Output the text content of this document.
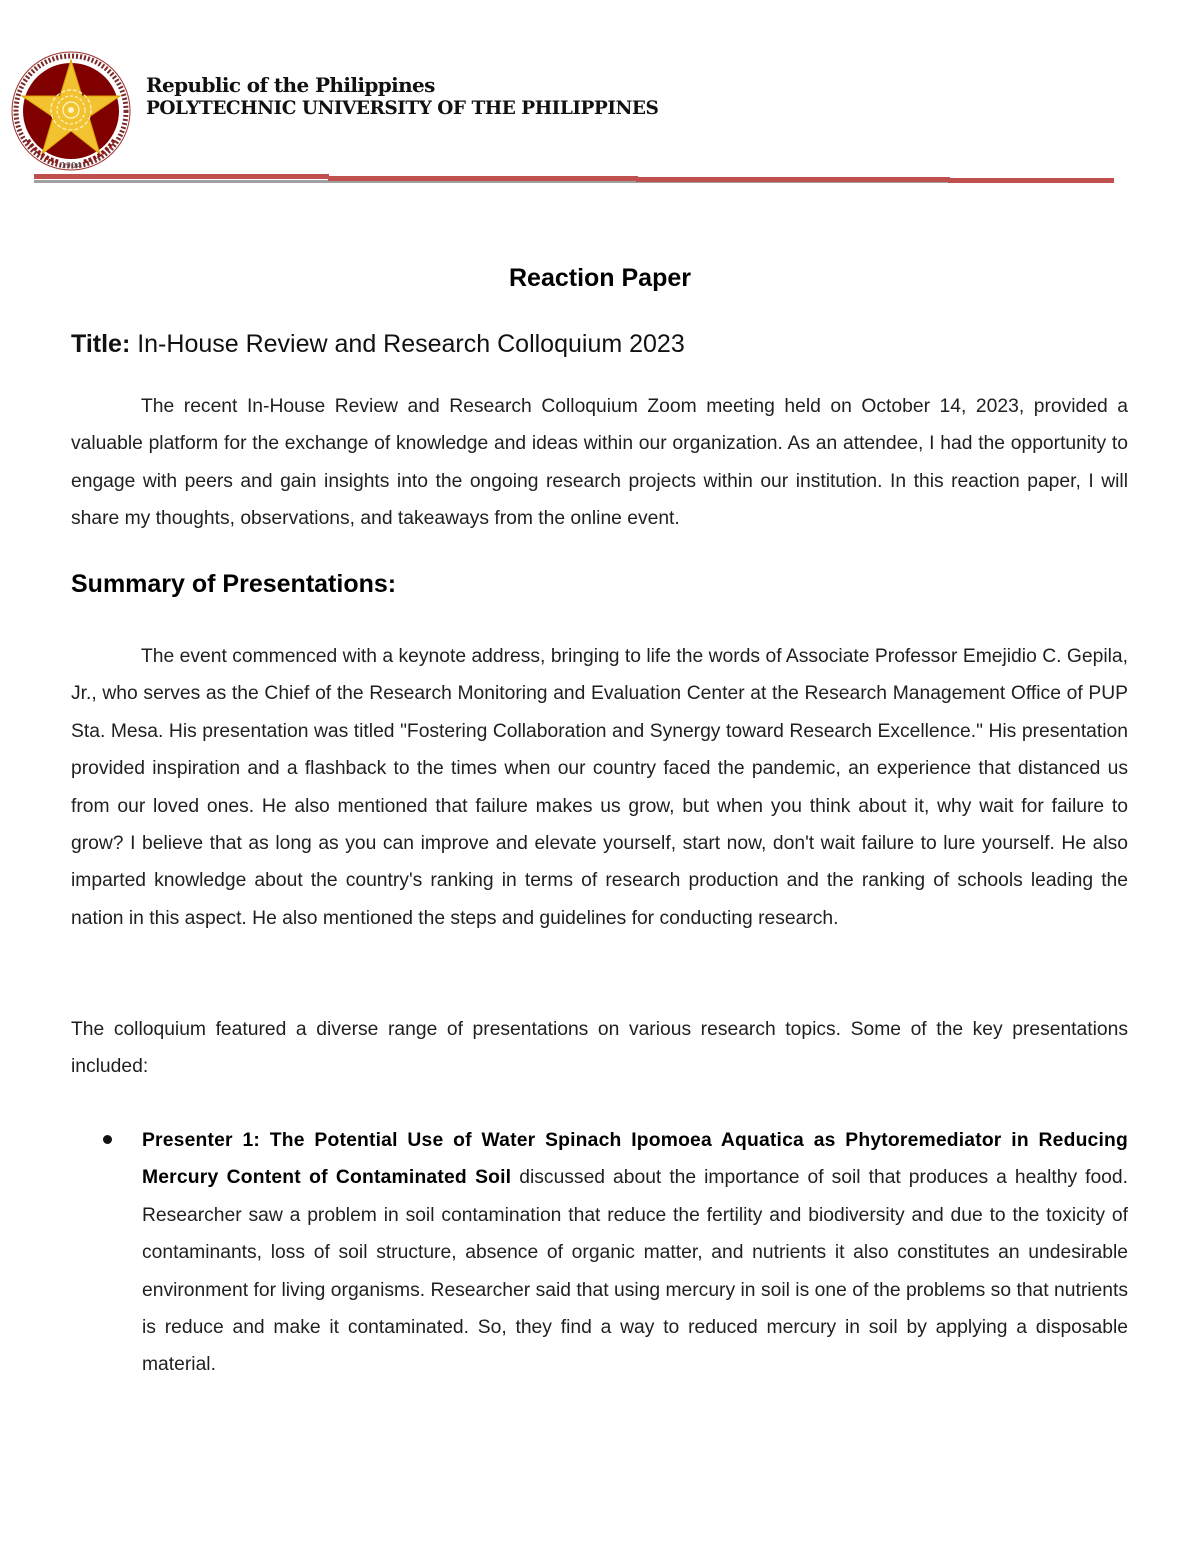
1904
Republic of the Philippines
POLYTECHNIC UNIVERSITY OF THE PHILIPPINES
Reaction Paper
Title: In-House Review and Research Colloquium 2023

The recent In-House Review and Research Colloquium Zoom meeting held on October 14, 2023, provided a valuable platform for the exchange of knowledge and ideas within our organization. As an attendee, I had the opportunity to engage with peers and gain insights into the ongoing research projects within our institution. In this reaction paper, I will share my thoughts, observations, and takeaways from the online event.

Summary of Presentations:

The event commenced with a keynote address, bringing to life the words of Associate Professor Emejidio C. Gepila, Jr., who serves as the Chief of the Research Monitoring and Evaluation Center at the Research Management Office of PUP Sta. Mesa. His presentation was titled "Fostering Collaboration and Synergy toward Research Excellence." His presentation provided inspiration and a flashback to the times when our country faced the pandemic, an experience that distanced us from our loved ones. He also mentioned that failure makes us grow, but when you think about it, why wait for failure to grow? I believe that as long as you can improve and elevate yourself, start now, don't wait failure to lure yourself. He also imparted knowledge about the country's ranking in terms of research production and the ranking of schools leading the nation in this aspect. He also mentioned the steps and guidelines for conducting research.

The colloquium featured a diverse range of presentations on various research topics. Some of the key presentations included:

Presenter 1: The Potential Use of Water Spinach Ipomoea Aquatica as Phytoremediator in Reducing Mercury Content of Contaminated Soil discussed about the importance of soil that produces a healthy food. Researcher saw a problem in soil contamination that reduce the fertility and biodiversity and due to the toxicity of contaminants, loss of soil structure, absence of organic matter, and nutrients it also constitutes an undesirable environment for living organisms. Researcher said that using mercury in soil is one of the problems so that nutrients is reduce and make it contaminated. So, they find a way to reduced mercury in soil by applying a disposable material.
